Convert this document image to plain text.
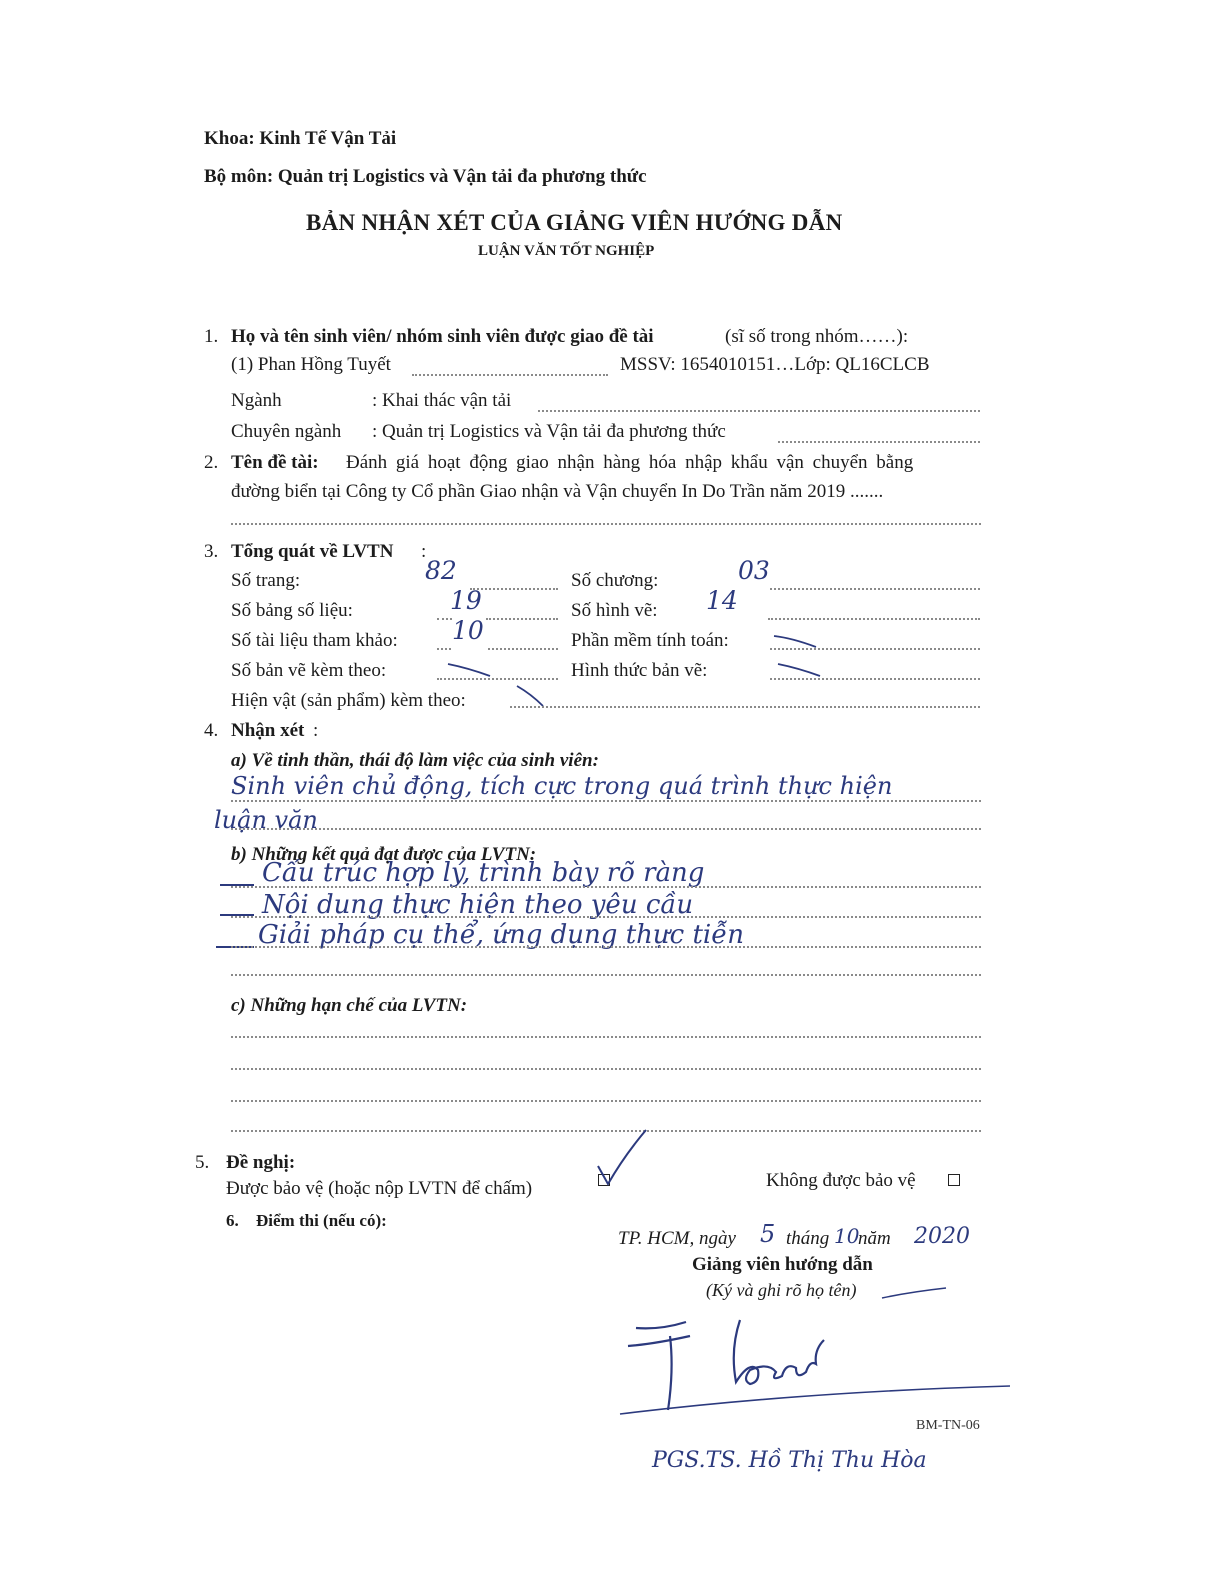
Khoa: Kinh Tế Vận Tải
Bộ môn: Quản trị Logistics và Vận tải đa phương thức
BẢN NHẬN XÉT CỦA GIẢNG VIÊN HƯỚNG DẪN
LUẬN VĂN TỐT NGHIỆP
1. Họ và tên sinh viên/ nhóm sinh viên được giao đề tài	(sĩ số trong nhóm……):
(1) Phan Hồng Tuyết	MSSV: 1654010151…Lớp: QL16CLCB
Ngành	: Khai thác vận tải
Chuyên ngành : Quản trị Logistics và Vận tải đa phương thức
2. Tên đề tài: Đánh giá hoạt động giao nhận hàng hóa nhập khẩu vận chuyển bằng
đường biển tại Công ty Cổ phần Giao nhận và Vận chuyển In Do Trần năm 2019 .......
3. Tổng quát về LVTN :
Số trang:	82	Số chương:	03
Số bảng số liệu:	19	Số hình vẽ: 14
Số tài liệu tham khảo: 10	Phần mềm tính toán:
Số bản vẽ kèm theo:	Hình thức bản vẽ:
Hiện vật (sản phẩm) kèm theo:
4. Nhận xét :
a) Về tinh thần, thái độ làm việc của sinh viên:
Sinh viên chủ động, tích cực trong quá trình thực hiện
luận văn
b) Những kết quả đạt được của LVTN:
Cấu trúc hợp lý, trình bày rõ ràng
Nội dung thực hiện theo yêu cầu
Giải pháp cụ thể, ứng dụng thực tiễn
c) Những hạn chế của LVTN:
5. Đề nghị:
Được bảo vệ (hoặc nộp LVTN để chấm)	Không được bảo vệ
6. Điểm thi (nếu có):
TP. HCM, ngày 5 tháng 10
năm 2020
Giảng viên hướng dẫn
(Ký và ghi rõ họ tên)
BM-TN-06
PGS.TS. Hồ Thị Thu Hòa
